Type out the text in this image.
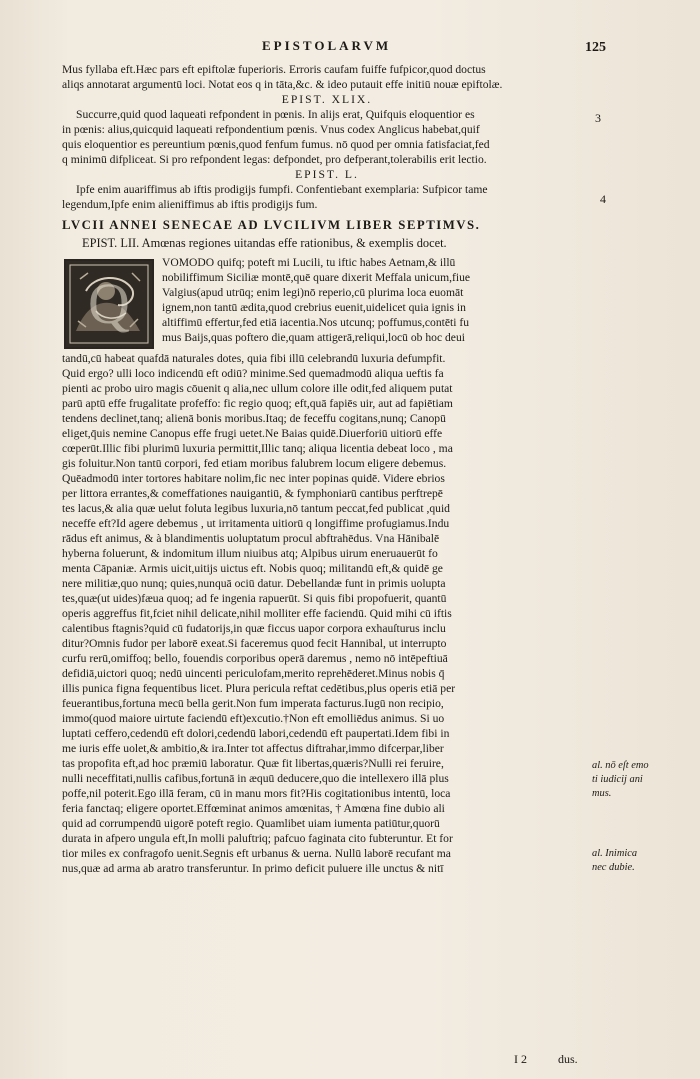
EPISTOLARVM	125
3
4
Mus fyllaba eft.Hæc pars eft epiftolæ fuperioris. Erroris caufam fuiffe fufpicor,quod doctus
aliqs annotarat argumentū loci. Notat eos q in tāta,&c. & ideo putauit effe initiū nouæ epiftolæ.
EPIST. XLIX.
Succurre,quid quod laqueati refpondent in pœnis. In alijs erat, Quifquis eloquentior es
in pœnis: alius,quicquid laqueati refpondentium pœnis. Vnus codex Anglicus habebat,quif
quis eloquentior es pereuntium pœnis,quod fenfum fumus. nō quod per omnia fatisfaciat,fed
q minimū difpliceat. Si pro refpondent legas: defpondet, pro defperant,tolerabilis erit lectio.
EPIST. L.
Ipfe enim auariffimus ab iftis prodigijs fumpfi. Confentiebant exemplaria: Sufpicor tame
legendum,Ipfe enim alieniffimus ab iftis prodigijs fum.
LVCII ANNEI SENECAE AD LVCILIVM LIBER SEPTIMVS.
EPIST. LII. Amœnas regiones uitandas effe rationibus, & exemplis docet.
Q
VOMODO quifq; poteft mi Lucili, tu iftic habes Aetnam,& illū
nobiliffimum Siciliæ montē,quē quare dixerit Meffala unicum,fiue
Valgius(apud utrūq; enim legi)nō reperio,cū plurima loca euomāt
ignem,non tantū ædita,quod crebrius euenit,uidelicet quia ignis in
altiffimū effertur,fed etiā iacentia.Nos utcunq; poffumus,contēti fu
mus Baijs,quas poftero die,quam attigerā,reliqui,locū ob hoc deui
tandū,cū habeat quafdā naturales dotes, quia fibi illū celebrandū luxuria defumpfit.
Quid ergo? ulli loco indicendū eft odiū? minime.Sed quemadmodū aliqua ueftis fa
pienti ac probo uiro magis cōuenit q alia,nec ullum colore ille odit,fed aliquem putat
parū aptū effe frugalitate profeffo: fic regio quoq; eft,quā fapiēs uir, aut ad fapiētiam
tendens declinet,tanq; alienā bonis moribus.Itaq; de feceffu cogitans,nunq; Canopū
eliget,q̄uis nemine Canopus effe frugi uetet.Ne Baias quidē.Diuerforiū uitiorū effe
cœperūt.Illic fibi plurimū luxuria permittit,Illic tanq; aliqua licentia debeat loco , ma
gis foluitur.Non tantū corpori, fed etiam moribus falubrem locum eligere debemus.
Quēadmodū inter tortores habitare nolim,fic nec inter popinas quidē. Videre ebrios
per littora errantes,& comeffationes nauigantiū, & fymphoniarū cantibus perftrepē
tes lacus,& alia quæ uelut foluta legibus luxuria,nō tantum peccat,fed publicat ,quid
neceffe eft?Id agere debemus , ut irritamenta uitiorū q longiffime profugiamus.Indu
rādus eft animus, & à blandimentis uoluptatum procul abftrahēdus. Vna Hānibalē
hyberna foluerunt, & indomitum illum niuibus atq; Alpibus uirum eneruauerūt fo
menta Cāpaniæ. Armis uicit,uitijs uictus eft. Nobis quoq; militandū eft,& quidē ge
nere militiæ,quo nunq; quies,nunquā ociū datur. Debellandæ funt in primis uolupta
tes,quæ(ut uides)fæua quoq; ad fe ingenia rapuerūt. Si quis fibi propofuerit, quantū
operis aggreffus fit,fciet nihil delicate,nihil molliter effe faciendū. Quid mihi cū iftis
calentibus ftagnis?quid cū fudatorijs,in quæ ficcus uapor corpora exhauſturus inclu
ditur?Omnis fudor per laborē exeat.Si faceremus quod fecit Hannibal, ut interrupto
curfu rerū,omiffoq; bello, fouendis corporibus operā daremus , nemo nō intēpeftiuā
defidiā,uictori quoq; nedū uincenti periculofam,merito reprehēderet.Minus nobis q̄
illis punica figna fequentibus licet. Plura pericula reftat cedētibus,plus operis etiā per
feuerantibus,fortuna mecū bella gerit.Non fum imperata facturus.Iugū non recipio,
immo(quod maiore uirtute faciendū eft)excutio.†Non eft emolliēdus animus. Si uo
luptati ceffero,cedendū eft dolori,cedendū labori,cedendū eft paupertati.Idem fibi in
me iuris effe uolet,& ambitio,& ira.Inter tot affectus diftrahar,immo difcerpar,liber
tas propofita eft,ad hoc præmiū laboratur. Quæ fit libertas,quæris?Nulli rei feruire,
nulli neceffitati,nullis cafibus,fortunā in æquū deducere,quo die intellexero illā plus
poffe,nil poterit.Ego illā feram, cū in manu mors fit?His cogitationibus intentū, loca
feria fanctaq; eligere oportet.Effœminat animos amœnitas, † Amœna fine dubio ali
quid ad corrumpendū uigorē poteft regio. Quamlibet uiam iumenta patiūtur,quorū
durata in afpero ungula eft,In molli paluftriq; pafcuo faginata cito fubteruntur. Et for
tior miles ex confragofo uenit.Segnis eft urbanus & uerna. Nullū laborē recufant ma
nus,quæ ad arma ab aratro transferuntur. In primo deficit puluere ille unctus & nitī
al. nō eſt emo
ti iudicij ani
mus.
al. Inimica
nec dubie.
I 2	dus.
